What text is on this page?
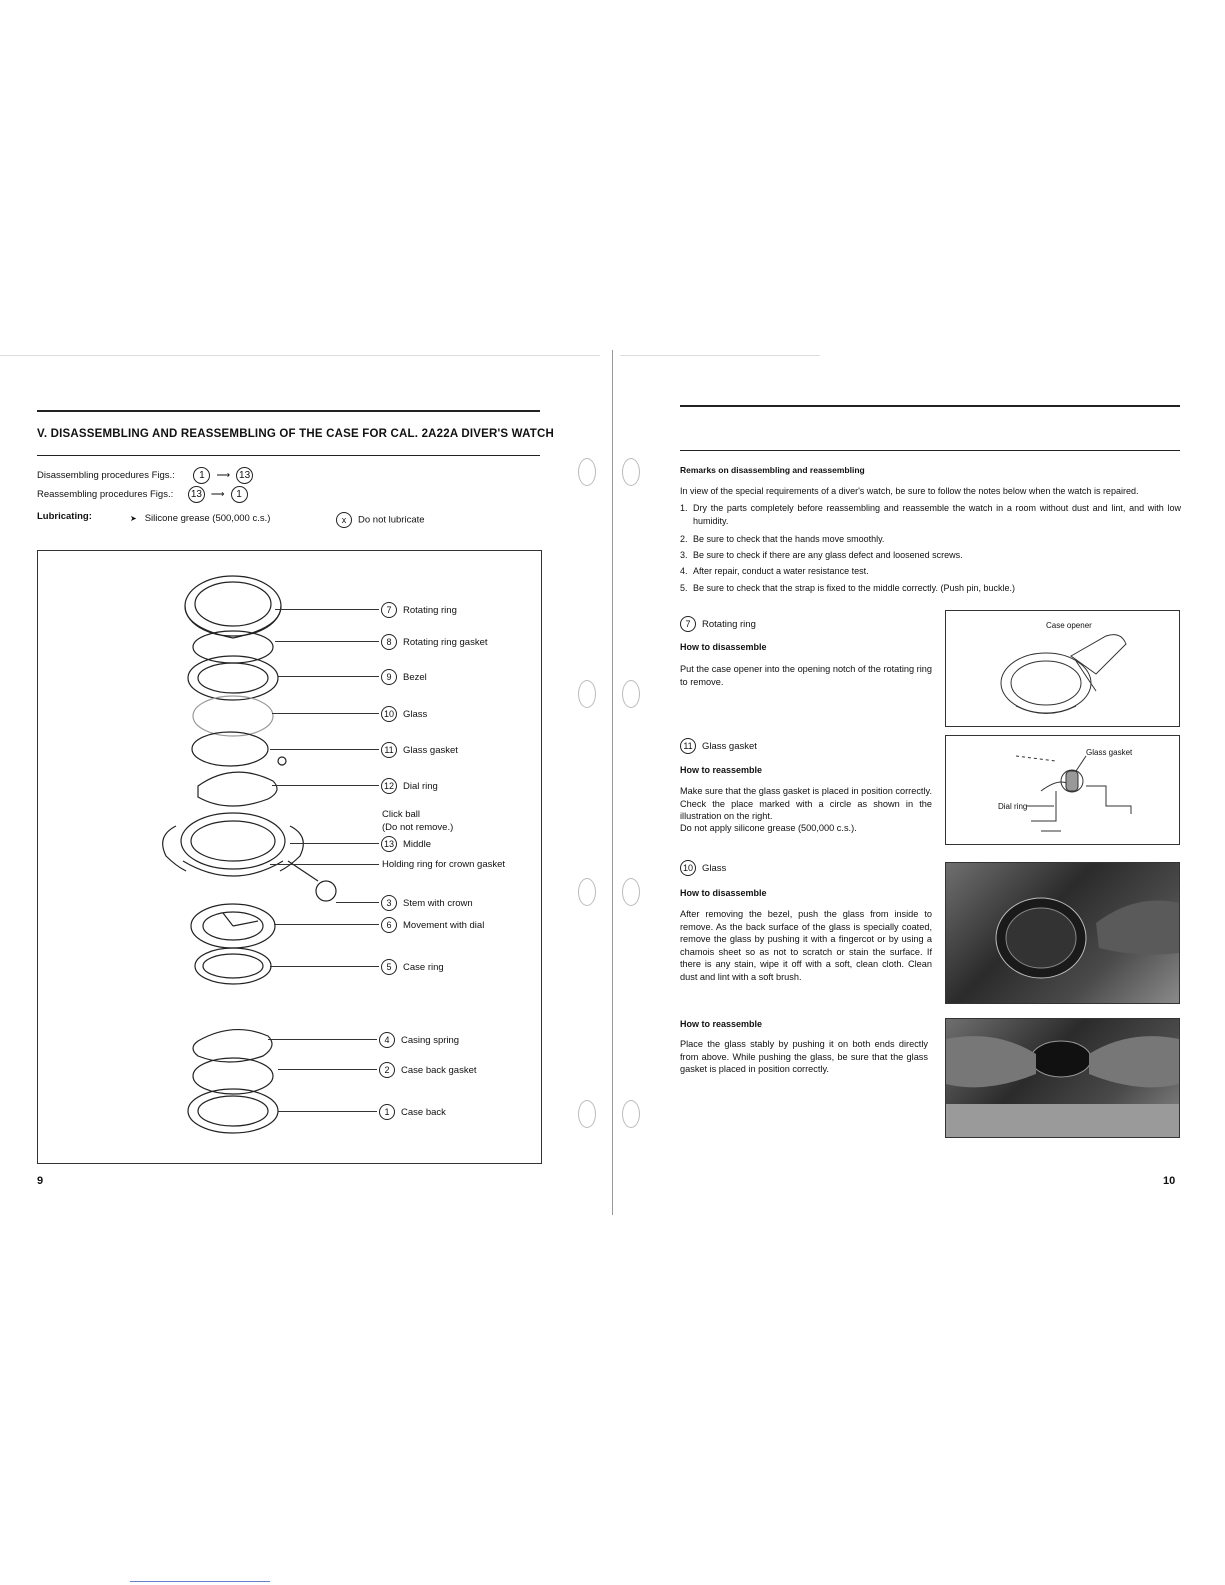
V. DISASSEMBLING AND REASSEMBLING OF THE CASE FOR CAL. 2A22A DIVER'S WATCH
Disassembling procedures Figs.: 1 ⟶ 13
Reassembling procedures Figs.: 13 ⟶ 1
Lubricating:	➤ Silicone grease (500,000 c.s.)	x Do not lubricate
7	Rotating ring
8	Rotating ring gasket
9	Bezel
10 Glass
11 Glass gasket
12 Dial ring
Click ball
(Do not remove.)
13 Middle
Holding ring for crown gasket
3	Stem with crown
6	Movement with dial
5	Case ring
4	Casing spring
2	Case back gasket
1	Case back
9
Remarks on disassembling and reassembling
In view of the special requirements of a diver's watch, be sure to follow the notes below when the watch is repaired.
1. Dry the parts completely before reassembling and reassemble the watch in a room without dust and lint, and with low humidity.
2. Be sure to check that the hands move smoothly.
3. Be sure to check if there are any glass defect and loosened screws.
4. After repair, conduct a water resistance test.
5. Be sure to check that the strap is fixed to the middle correctly. (Push pin, buckle.)
7	Rotating ring
How to disassemble
Put the case opener into the opening notch of the rotating ring to remove.
Case opener
11 Glass gasket
How to reassemble
Make sure that the glass gasket is placed in position correctly. Check the place marked with a circle as shown in the illustration on the right.
Do not apply silicone grease (500,000 c.s.).
Glass gasket
Dial ring
10 Glass
How to disassemble
After removing the bezel, push the glass from inside to remove. As the back surface of the glass is specially coated, remove the glass by pushing it with a fingercot or by using a chamois sheet so as not to scratch or stain the surface. If there is any stain, wipe it off with a soft, clean cloth. Clean dust and lint with a soft brush.
How to reassemble
Place the glass stably by pushing it on both ends directly from above. While pushing the glass, be sure that the glass gasket is placed in position correctly.
10
